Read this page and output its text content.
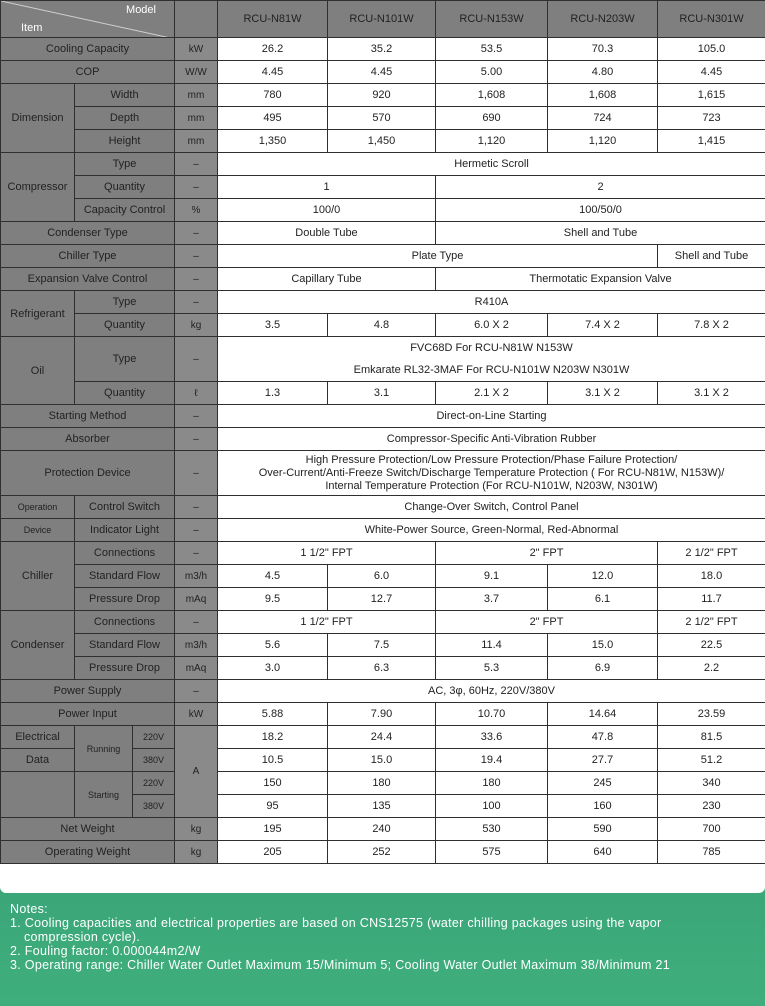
Item
Model				RCU-N81W	RCU-N101W	RCU-N153W	RCU-N203W	RCU-N301W
Cooling Capacity			kW	26.2	35.2	53.5	70.3	105.0
COP			W/W	4.45	4.45	5.00	4.80	4.45
Dimension	Width		mm	780	920	1,608	1,608	1,615
	Depth		mm	495	570	690	724	723
	Height		mm	1,350	1,450	1,120	1,120	1,415
Compressor	Type		–	Hermetic Scroll				
	Quantity		–	1		2		
	Capacity Control		%	100/0		100/50/0		
Condenser Type			–	Double Tube		Shell and Tube		
Chiller Type			–	Plate Type				Shell and Tube
Expansion Valve Control			–	Capillary Tube		Thermotatic Expansion Valve		
Refrigerant	Type		–	R410A				
	Quantity		kg	3.5	4.8	6.0 X 2	7.4 X 2	7.8 X 2
Oil	Type		–	FVC68D For RCU-N81W N153W
Emkarate RL32-3MAF For RCU-N101W N203W N301W				

	Quantity		ℓ	1.3	3.1	2.1 X 2	3.1 X 2	3.1 X 2
Starting Method			–	Direct-on-Line Starting				
Absorber			–	Compressor-Specific Anti-Vibration Rubber				
Protection Device			–	High Pressure Protection/Low Pressure Protection/Phase Failure Protection/
Over-Current/Anti-Freeze Switch/Discharge Temperature Protection ( For RCU-N81W, N153W)/
Internal Temperature Protection (For RCU-N101W, N203W, N301W)				

Operation	Control Switch		–	Change-Over Switch, Control Panel				
Device	Indicator Light		–	White-Power Source, Green-Normal, Red-Abnormal				
Chiller	Connections		–	1 1/2" FPT		2" FPT		2 1/2" FPT
	Standard Flow		m3/h	4.5	6.0	9.1	12.0	18.0
	Pressure Drop		mAq	9.5	12.7	3.7	6.1	11.7
Condenser	Connections		–	1 1/2" FPT		2" FPT		2 1/2" FPT
	Standard Flow		m3/h	5.6	7.5	11.4	15.0	22.5
	Pressure Drop		mAq	3.0	6.3	5.3	6.9	2.2
Power Supply			–	AC, 3φ, 60Hz, 220V/380V				
Power Input			kW	5.88	7.90	10.70	14.64	23.59
Electrical	Running	220V	A	18.2	24.4	33.6	47.8	81.5
Data		380V		10.5	15.0	19.4	27.7	51.2
	Starting	220V		150	180	180	245	340
		380V		95	135	100	160	230
Net Weight			kg	195	240	530	590	700
Operating Weight			kg	205	252	575	640	785
Notes:
1. Cooling capacities and electrical properties are based on CNS12575 (water chilling packages using the vapor
compression cycle).
2. Fouling factor: 0.000044m2/W
3. Operating range: Chiller Water Outlet Maximum 15/Minimum 5; Cooling Water Outlet Maximum 38/Minimum 21
